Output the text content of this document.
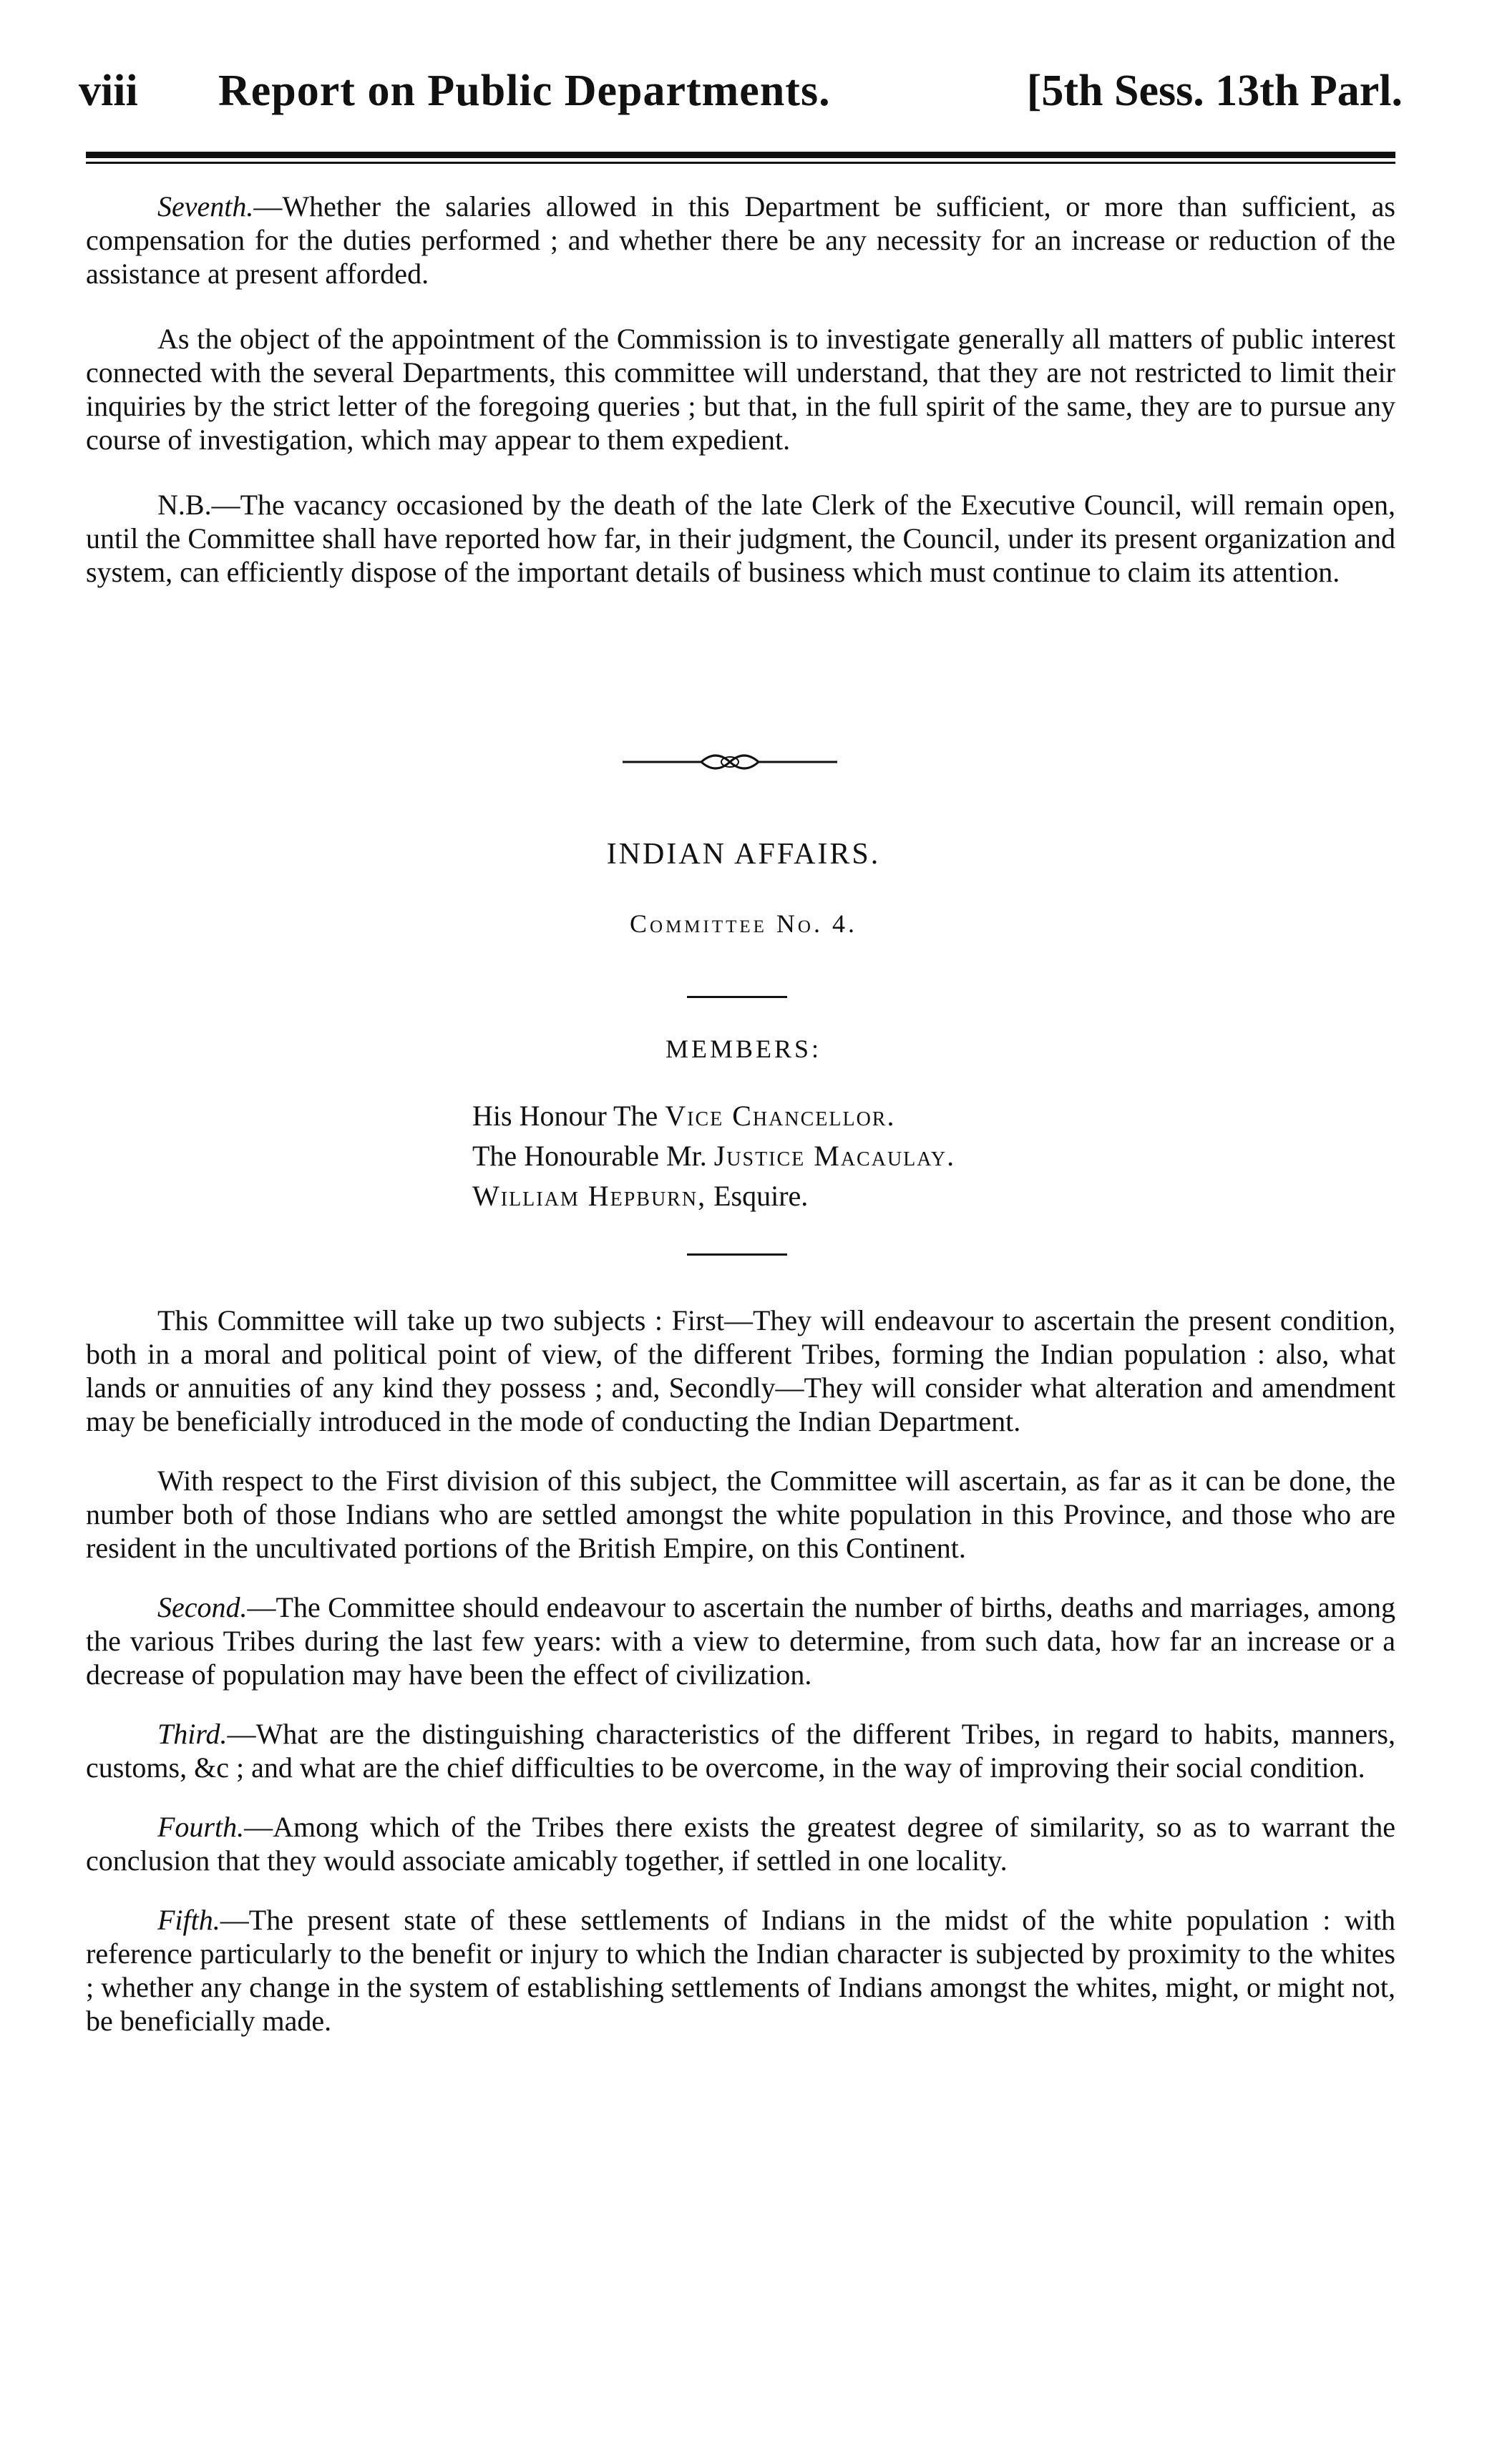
viii Report on Public Departments.	[5th Sess. 13th Parl.

Seventh.—Whether the salaries allowed in this Department be sufficient, or more than sufficient, as compensation for the duties performed ; and whether there be any necessity for an increase or reduction of the assistance at present afforded.

As the object of the appointment of the Commission is to investigate generally all matters of public interest connected with the several Departments, this committee will understand, that they are not restricted to limit their inquiries by the strict letter of the foregoing queries ; but that, in the full spirit of the same, they are to pursue any course of investigation, which may appear to them expedient.

N.B.—The vacancy occasioned by the death of the late Clerk of the Executive Council, will remain open, until the Committee shall have reported how far, in their judgment, the Council, under its present organization and system, can efficiently dispose of the important details of business which must continue to claim its attention.

INDIAN AFFAIRS.
Committee No. 4.
MEMBERS:
His Honour The Vice Chancellor.
The Honourable Mr. Justice Macaulay.
William Hepburn, Esquire.

This Committee will take up two subjects : First—They will endeavour to ascertain the present condition, both in a moral and political point of view, of the different Tribes, forming the Indian population : also, what lands or annuities of any kind they possess ; and, Secondly—They will consider what alteration and amendment may be beneficially introduced in the mode of conducting the Indian Department.

With respect to the First division of this subject, the Committee will ascertain, as far as it can be done, the number both of those Indians who are settled amongst the white population in this Province, and those who are resident in the uncultivated portions of the British Empire, on this Continent.

Second.—The Committee should endeavour to ascertain the number of births, deaths and marriages, among the various Tribes during the last few years: with a view to determine, from such data, how far an increase or a decrease of population may have been the effect of civilization.

Third.—What are the distinguishing characteristics of the different Tribes, in regard to habits, manners, customs, &c ; and what are the chief difficulties to be overcome, in the way of improving their social condition.

Fourth.—Among which of the Tribes there exists the greatest degree of similarity, so as to warrant the conclusion that they would associate amicably together, if settled in one locality.

Fifth.—The present state of these settlements of Indians in the midst of the white population : with reference particularly to the benefit or injury to which the Indian character is subjected by proximity to the whites ; whether any change in the system of establishing settlements of Indians amongst the whites, might, or might not, be beneficially made.
